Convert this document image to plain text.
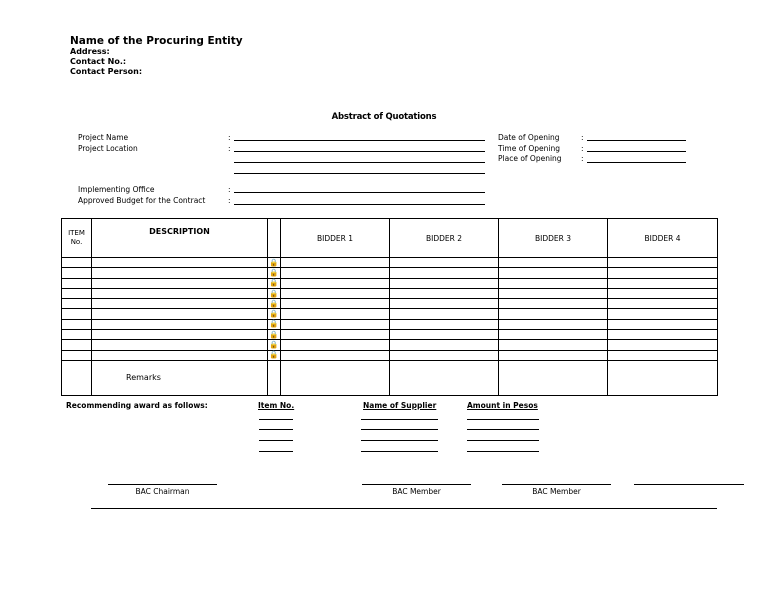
Name of the Procuring Entity
Address:
Contact No.:
Contact Person:
Abstract of Quotations
Project Name	:
Project Location	:
Implementing Office	:
Approved Budget for the Contract	:
Date of Opening	:
Time of Opening	:
Place of Opening	:
ITEM No.	DESCRIPTION		BIDDER 1	BIDDER 2	BIDDER 3	BIDDER 4
		🔒				
		🔒				
		🔒				
		🔒				
		🔒				
		🔒				
		🔒				
		🔒				
		🔒				
		🔒				
	Remarks					
Recommending award as follows:	Item No.	Name of Supplier	Amount in Pesos
BAC Chairman	BAC Member	BAC Member
